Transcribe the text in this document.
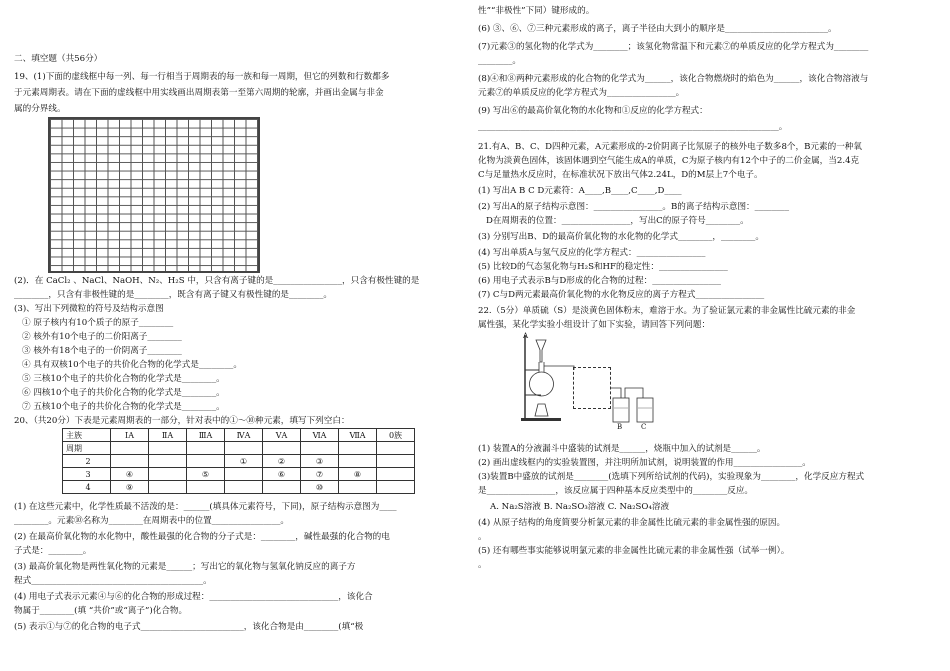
二、填空题（共56分）
19、(1)下面的虚线框中每一列、每一行相当于周期表的每一族和每一周期，但它的列数和行数都多
于元素周期表。请在下面的虚线框中用实线画出周期表第一至第六周期的轮廓，并画出金属与非金
属的分界线。
(2)．在 CaCl₂ 、NaCl、NaOH、N₂、H₂S 中，只含有离子键的是________________，只含有极性键的是
________，只含有非极性键的是________，既含有离子键又有极性键的是________。
(3)、写出下列微粒的符号及结构示意图
① 原子核内有10个质子的原子________
② 核外有10个电子的二价阳离子________
③ 核外有18个电子的一价阴离子________
④ 具有双核10个电子的共价化合物的化学式是________。
⑤ 三核10个电子的共价化合物的化学式是________。
⑥ 四核10个电子的共价化合物的化学式是________。
⑦ 五核10个电子的共价化合物的化学式是________。
20、（共20分）下表是元素周期表的一部分，针对表中的①～⑩种元素，填写下列空白：
主族	ⅠA	ⅡA	ⅢA	ⅣA	ⅤA	ⅥA	ⅦA	0族
周期								
2				①	②	③		
3	④		⑤		⑥	⑦	⑧	
4	⑨					⑩		
(1) 在这些元素中，化学性质最不活泼的是：______(填具体元素符号，下同)，原子结构示意图为____
________。元素⑩名称为________在周期表中的位置________________。
(2) 在最高价氧化物的水化物中，酸性最强的化合物的分子式是：________，碱性最强的化合物的电
子式是：________。
(3) 最高价氧化物是两性氧化物的元素是______；写出它的氧化物与氢氧化钠反应的离子方
程式________________________________________。
(4) 用电子式表示元素④与⑥的化合物的形成过程：______________________________，该化合
物属于________(填 “共价”或“离子”)化合物。
(5) 表示①与⑦的化合物的电子式________________________，该化合物是由________(填“极
性”“非极性”下同）键形成的。
(6) ③、⑥、⑦三种元素形成的离子，离子半径由大到小的顺序是________________________。
(7)元素③的氢化物的化学式为________；该氢化物常温下和元素⑦的单质反应的化学方程式为________
________。
(8)④和⑧两种元素形成的化合物的化学式为______，该化合物燃烧时的焰色为______，该化合物溶液与
元素⑦的单质反应的化学方程式为________________。
(9) 写出⑥的最高价氧化物的水化物和①反应的化学方程式：
______________________________________________________________________。
21.有A、B、C、D四种元素，A元素形成的-2价阴离子比氖原子的核外电子数多8个，B元素的一种氧
化物为淡黄色固体，该固体遇到空气能生成A的单质，C为原子核内有12个中子的二价金属，当2.4克
C与足量热水反应时，在标准状况下放出气体2.24L，D的M层上7个电子。
(1) 写出A B C D元素符：A____,B____,C____,D____
(2) 写出A的原子结构示意图：________________。B的离子结构示意图：________
D在周期表的位置：________________，写出C的原子符号________。
(3) 分别写出B、D的最高价氧化物的水化物的化学式________，________。
(4) 写出单质A与氢气反应的化学方程式：________________
(5) 比较D的气态氢化物与H₂S和HF的稳定性：________________
(6) 用电子式表示B与D形成的化合物的过程：________________
(7) C与D两元素最高价氧化物的水化物反应的离子方程式________________
22.（5分）单质硫（S）是淡黄色固体粉末，难溶于水。为了验证氯元素的非金属性比硫元素的非金
属性强，某化学实验小组设计了如下实验，请回答下列问题：
A
B	C
(1) 装置A的分液漏斗中盛装的试剂是______，烧瓶中加入的试剂是______。
(2) 画出虚线框内的实验装置图，并注明所加试剂，说明装置的作用________________。
(3)装置B中盛放的试剂是________(选填下列所给试剂的代码)，实验现象为________，化学反应方程式
是________________，该反应属于四种基本反应类型中的________反应。
A. Na₂S溶液 B. Na₂SO₃溶液 C. Na₂SO₄溶液
(4) 从原子结构的角度简要分析氯元素的非金属性比硫元素的非金属性强的原因。
。
(5) 还有哪些事实能够说明氯元素的非金属性比硫元素的非金属性强（试举一例）。
。
